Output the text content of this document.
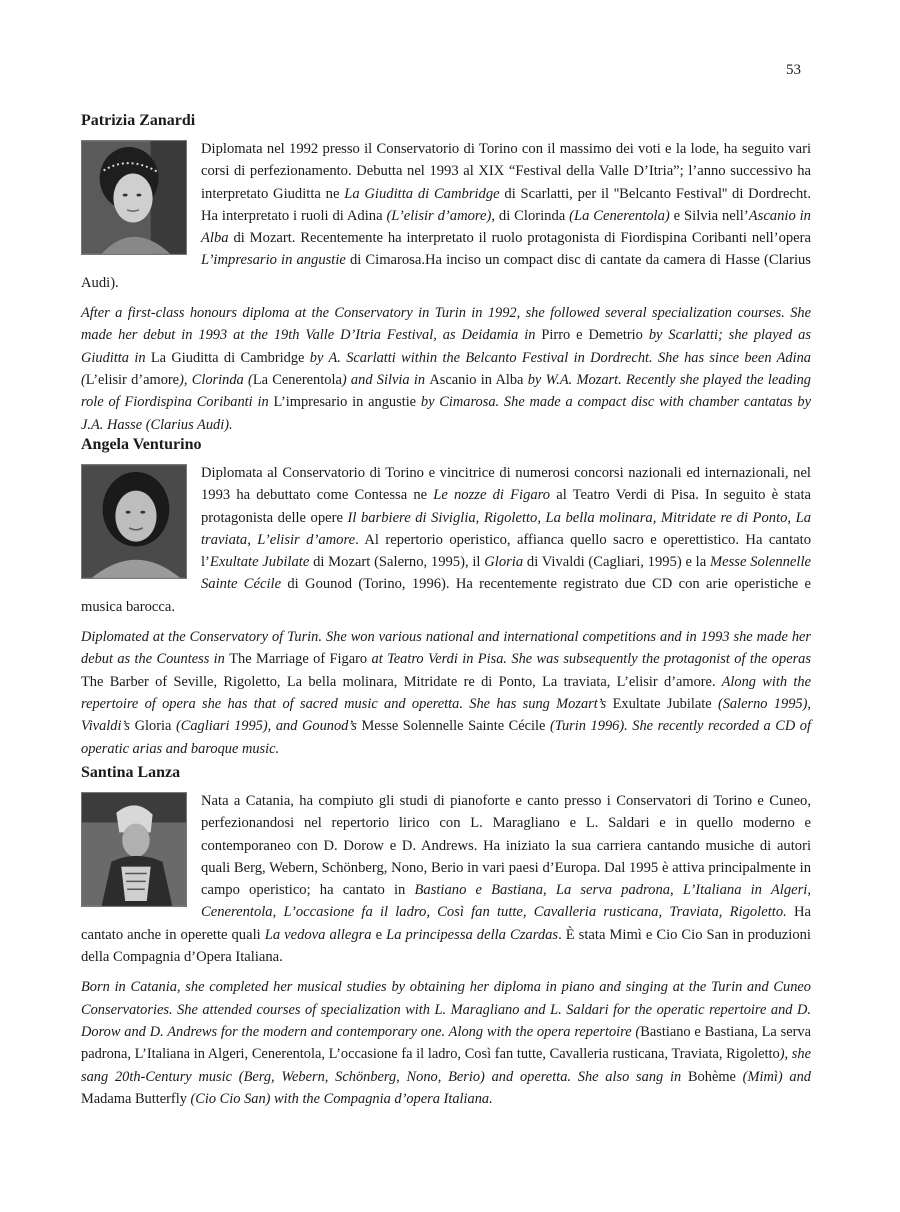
53
Patrizia Zanardi

Diplomata nel 1992 presso il Conservatorio di Torino con il massimo dei voti e la lode, ha seguito vari corsi di perfezionamento. Debutta nel 1993 al XIX “Festival della Valle D’Itria”; l’anno successivo ha interpretato Giuditta ne La Giuditta di Cambridge di Scarlatti, per il ''Belcanto Festival'' di Dordrecht. Ha interpretato i ruoli di Adina (L’elisir d’amore), di Clorinda (La Cenerentola) e Silvia nell’Ascanio in Alba di Mozart. Recentemente ha interpretato il ruolo protagonista di Fiordispina Coribanti nell’opera L’impresario in angustie di Cimarosa.Ha inciso un compact disc di cantate da camera di Hasse (Clarius Audi).

After a first-class honours diploma at the Conservatory in Turin in 1992, she followed several specialization courses. She made her debut in 1993 at the 19th Valle D’Itria Festival, as Deidamia in Pirro e Demetrio by Scarlatti; she played as Giuditta in La Giuditta di Cambridge by A. Scarlatti within the Belcanto Festival in Dordrecht. She has since been Adina (L’elisir d’amore), Clorinda (La Cenerentola) and Silvia in Ascanio in Alba by W.A. Mozart. Recently she played the leading role of Fiordispina Coribanti in L’impresario in angustie by Cimarosa. She made a compact disc with chamber cantatas by J.A. Hasse (Clarius Audi).

Angela Venturino

Diplomata al Conservatorio di Torino e vincitrice di numerosi concorsi nazionali ed internazionali, nel 1993 ha debuttato come Contessa ne Le nozze di Figaro al Teatro Verdi di Pisa. In seguito è stata protagonista delle opere Il barbiere di Siviglia, Rigoletto, La bella molinara, Mitridate re di Ponto, La traviata, L’elisir d’amore. Al repertorio operistico, affianca quello sacro e operettistico. Ha cantato l’Exultate Jubilate di Mozart (Salerno, 1995), il Gloria di Vivaldi (Cagliari, 1995) e la Messe Solennelle Sainte Cécile di Gounod (Torino, 1996). Ha recentemente registrato due CD con arie operistiche e musica barocca.

Diplomated at the Conservatory of Turin. She won various national and international competitions and in 1993 she made her debut as the Countess in The Marriage of Figaro at Teatro Verdi in Pisa. She was subsequently the protagonist of the operas The Barber of Seville, Rigoletto, La bella molinara, Mitridate re di Ponto, La traviata, L’elisir d’amore. Along with the repertoire of opera she has that of sacred music and operetta. She has sung Mozart’s Exultate Jubilate (Salerno 1995), Vivaldi’s Gloria (Cagliari 1995), and Gounod’s Messe Solennelle Sainte Cécile (Turin 1996). She recently recorded a CD of operatic arias and baroque music.

Santina Lanza

Nata a Catania, ha compiuto gli studi di pianoforte e canto presso i Conservatori di Torino e Cuneo, perfezionandosi nel repertorio lirico con L. Maragliano e L. Saldari e in quello moderno e contemporaneo con D. Dorow e D. Andrews. Ha iniziato la sua carriera cantando musiche di autori quali Berg, Webern, Schönberg, Nono, Berio in vari paesi d’Europa. Dal 1995 è attiva principalmente in campo operistico; ha cantato in Bastiano e Bastiana, La serva padrona, L’Italiana in Algeri, Cenerentola, L’occasione fa il ladro, Così fan tutte, Cavalleria rusticana, Traviata, Rigoletto. Ha cantato anche in operette quali La vedova allegra e La principessa della Czardas. È stata Mimì e Cio Cio San in produzioni della Compagnia d’Opera Italiana.

Born in Catania, she completed her musical studies by obtaining her diploma in piano and singing at the Turin and Cuneo Conservatories. She attended courses of specialization with L. Maragliano and L. Saldari for the operatic repertoire and D. Dorow and D. Andrews for the modern and contemporary one. Along with the opera repertoire (Bastiano e Bastiana, La serva padrona, L’Italiana in Algeri, Cenerentola, L’occasione fa il ladro, Così fan tutte, Cavalleria rusticana, Traviata, Rigoletto), she sang 20th-Century music (Berg, Webern, Schönberg, Nono, Berio) and operetta. She also sang in Bohème (Mimì) and Madama Butterfly (Cio Cio San) with the Compagnia d’opera Italiana.
